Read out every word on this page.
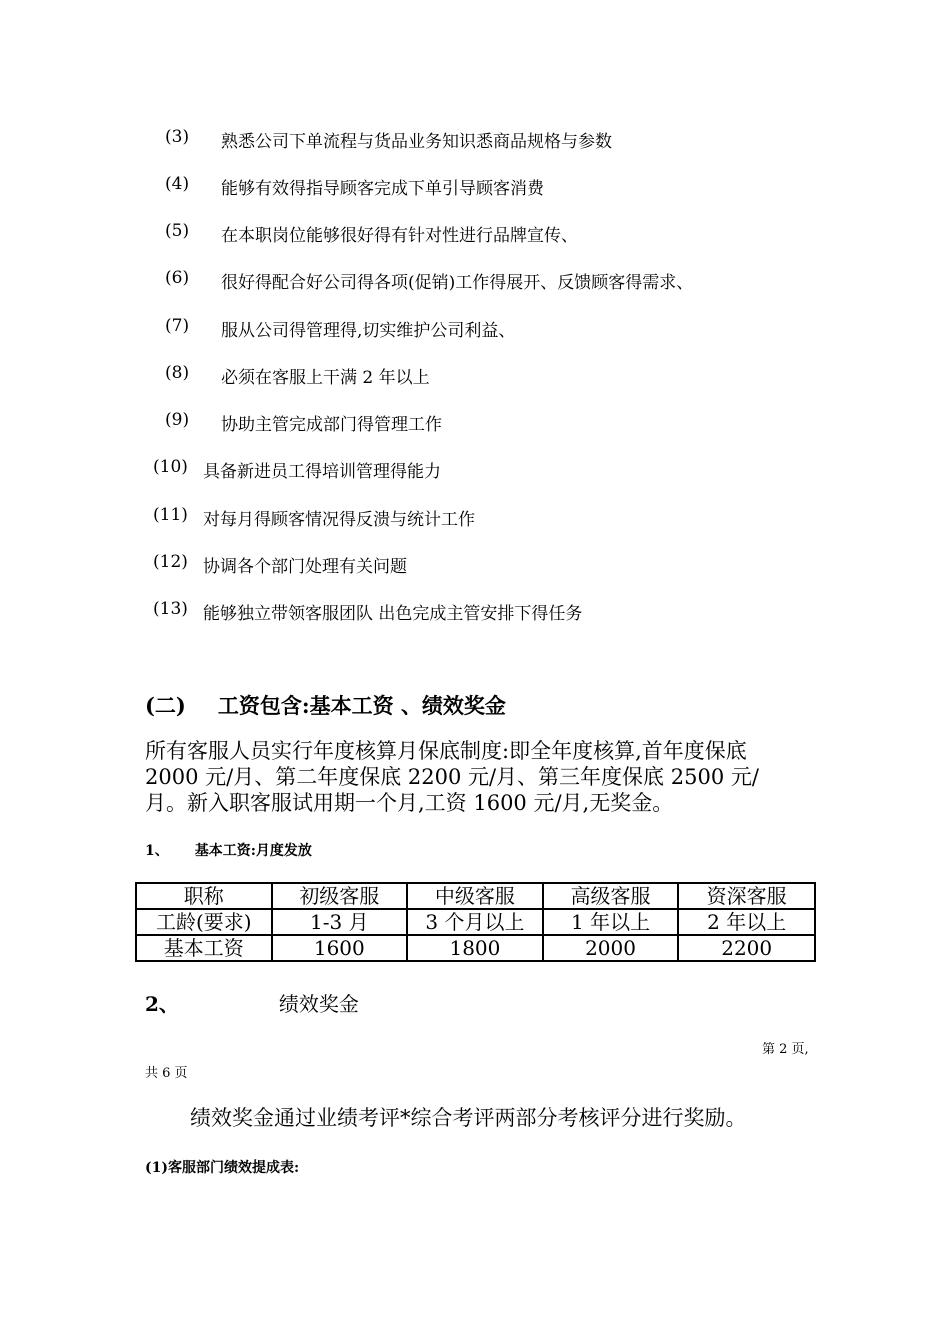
(3) 熟悉公司下单流程与货品业务知识悉商品规格与参数
(4) 能够有效得指导顾客完成下单引导顾客消费
(5) 在本职岗位能够很好得有针对性进行品牌宣传、
(6) 很好得配合好公司得各项(促销)工作得展开、反馈顾客得需求、
(7) 服从公司得管理得,切实维护公司利益、
(8) 必须在客服上干满 2 年以上
(9) 协助主管完成部门得管理工作
(10) 具备新进员工得培训管理得能力
(11) 对每月得顾客情况得反溃与统计工作
(12) 协调各个部门处理有关问题
(13) 能够独立带领客服团队 出色完成主管安排下得任务
(二) 工资包含:基本工资 、绩效奖金
所有客服人员实行年度核算月保底制度:即全年度核算,首年度保底
2000 元/月、第二年度保底 2200 元/月、第三年度保底 2500 元/
月。新入职客服试用期一个月,工资 1600 元/月,无奖金。
1、 基本工资:月度发放
职称	初级客服	中级客服	高级客服	资深客服
工龄(要求)	1-3 月	3 个月以上	1 年以上	2 年以上
基本工资	1600	1800	2000	2200
2、	绩效奖金
第 2 页,
共 6 页
绩效奖金通过业绩考评*综合考评两部分考核评分进行奖励。
(1)客服部门绩效提成表:
